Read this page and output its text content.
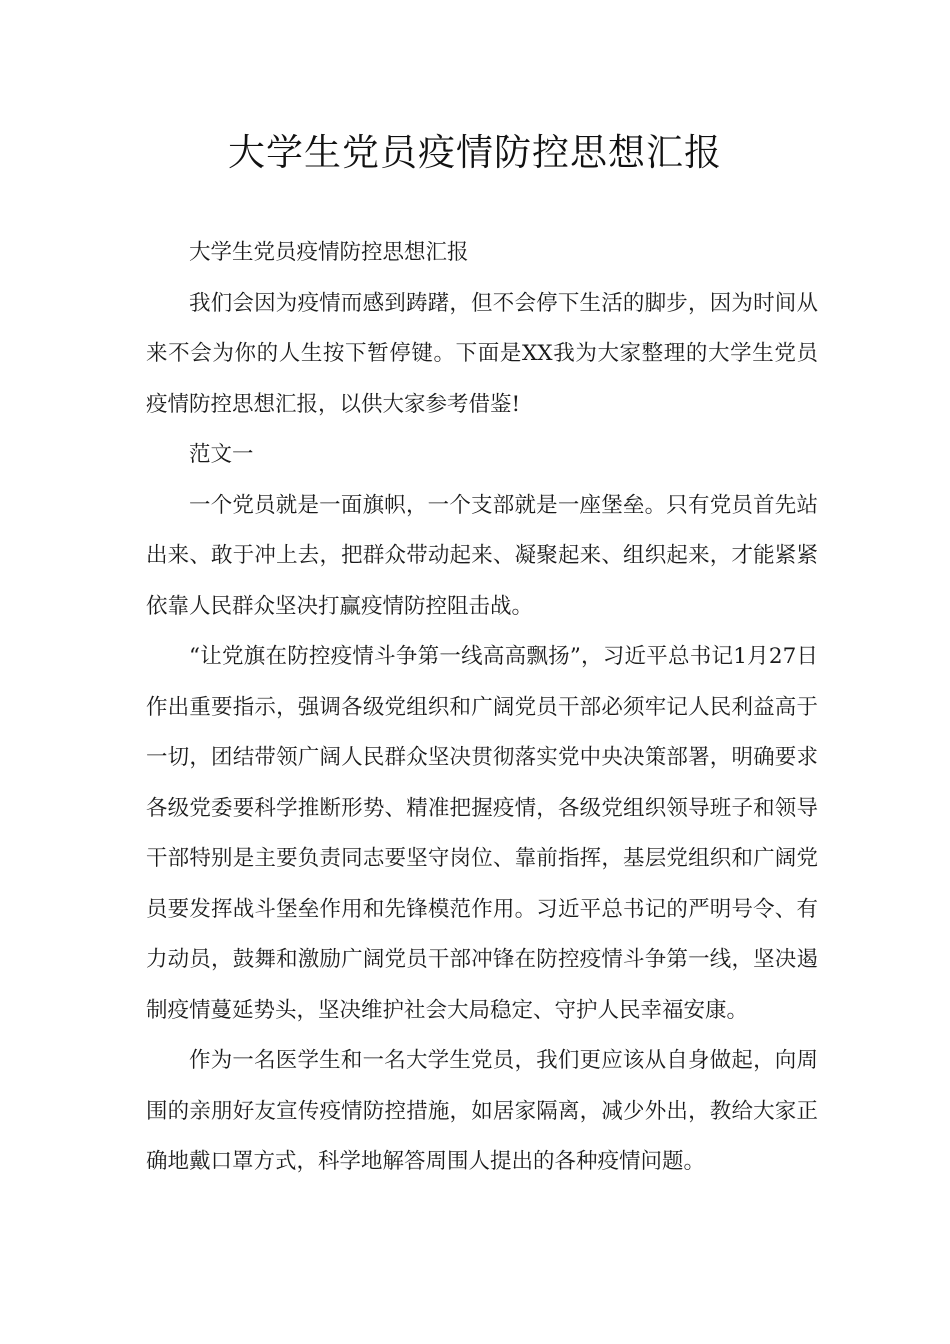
大学生党员疫情防控思想汇报

大学生党员疫情防控思想汇报

我们会因为疫情而感到踌躇，但不会停下生活的脚步，因为时间从来不会为你的人生按下暂停键。下面是XX我为大家整理的大学生党员疫情防控思想汇报，以供大家参考借鉴!

范文一

一个党员就是一面旗帜，一个支部就是一座堡垒。只有党员首先站出来、敢于冲上去，把群众带动起来、凝聚起来、组织起来，才能紧紧依靠人民群众坚决打赢疫情防控阻击战。

“让党旗在防控疫情斗争第一线高高飘扬”，习近平总书记1月27日作出重要指示，强调各级党组织和广阔党员干部必须牢记人民利益高于一切，团结带领广阔人民群众坚决贯彻落实党中央决策部署，明确要求各级党委要科学推断形势、精准把握疫情，各级党组织领导班子和领导干部特别是主要负责同志要坚守岗位、靠前指挥，基层党组织和广阔党员要发挥战斗堡垒作用和先锋模范作用。习近平总书记的严明号令、有力动员，鼓舞和激励广阔党员干部冲锋在防控疫情斗争第一线，坚决遏制疫情蔓延势头，坚决维护社会大局稳定、守护人民幸福安康。

作为一名医学生和一名大学生党员，我们更应该从自身做起，向周围的亲朋好友宣传疫情防控措施，如居家隔离，减少外出，教给大家正确地戴口罩方式，科学地解答周围人提出的各种疫情问题。
